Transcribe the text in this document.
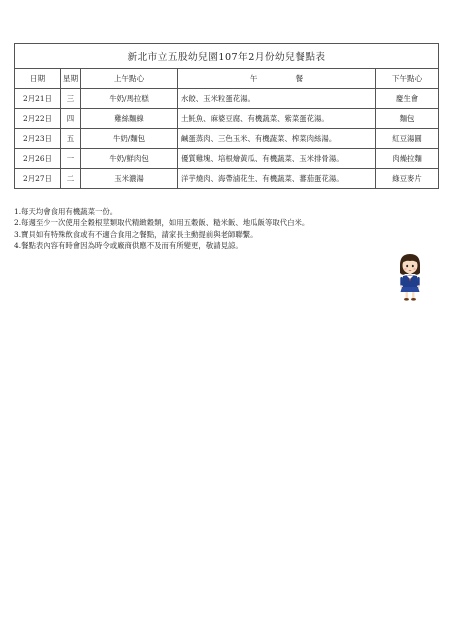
新北市立五股幼兒園107年2月份幼兒餐點表				
日期	星期	上午點心	午　　　　　餐	下午點心
2月21日	三	牛奶/馬拉糕	水餃、玉米粒蛋花湯。	慶生會
2月22日	四	雞絲麵線	土魠魚、麻婆豆腐、有機蔬菜、紫菜蛋花湯。	麵包
2月23日	五	牛奶/麵包	鹹蛋蒸肉、三色玉米、有機蔬菜、榨菜肉絲湯。	紅豆湯圓
2月26日	一	牛奶/鮮肉包	優質雞塊、培根燴黃瓜、有機蔬菜、玉米排骨湯。	肉燥拉麵
2月27日	二	玉米濃湯	洋芋燒肉、海帶滷花生、有機蔬菜、蕃茄蛋花湯。	綠豆麥片
1.每天均會食用有機蔬菜一份。
2.每週至少一次使用全穀根莖類取代精緻穀類，如用五穀飯、糙米飯、地瓜飯等取代白米。
3.寶貝如有特殊飲食或有不適合食用之餐點，請家長主動提前與老師聯繫。
4.餐點表內容有時會因為時令或廠商供應不及而有所變更，敬請見諒。
